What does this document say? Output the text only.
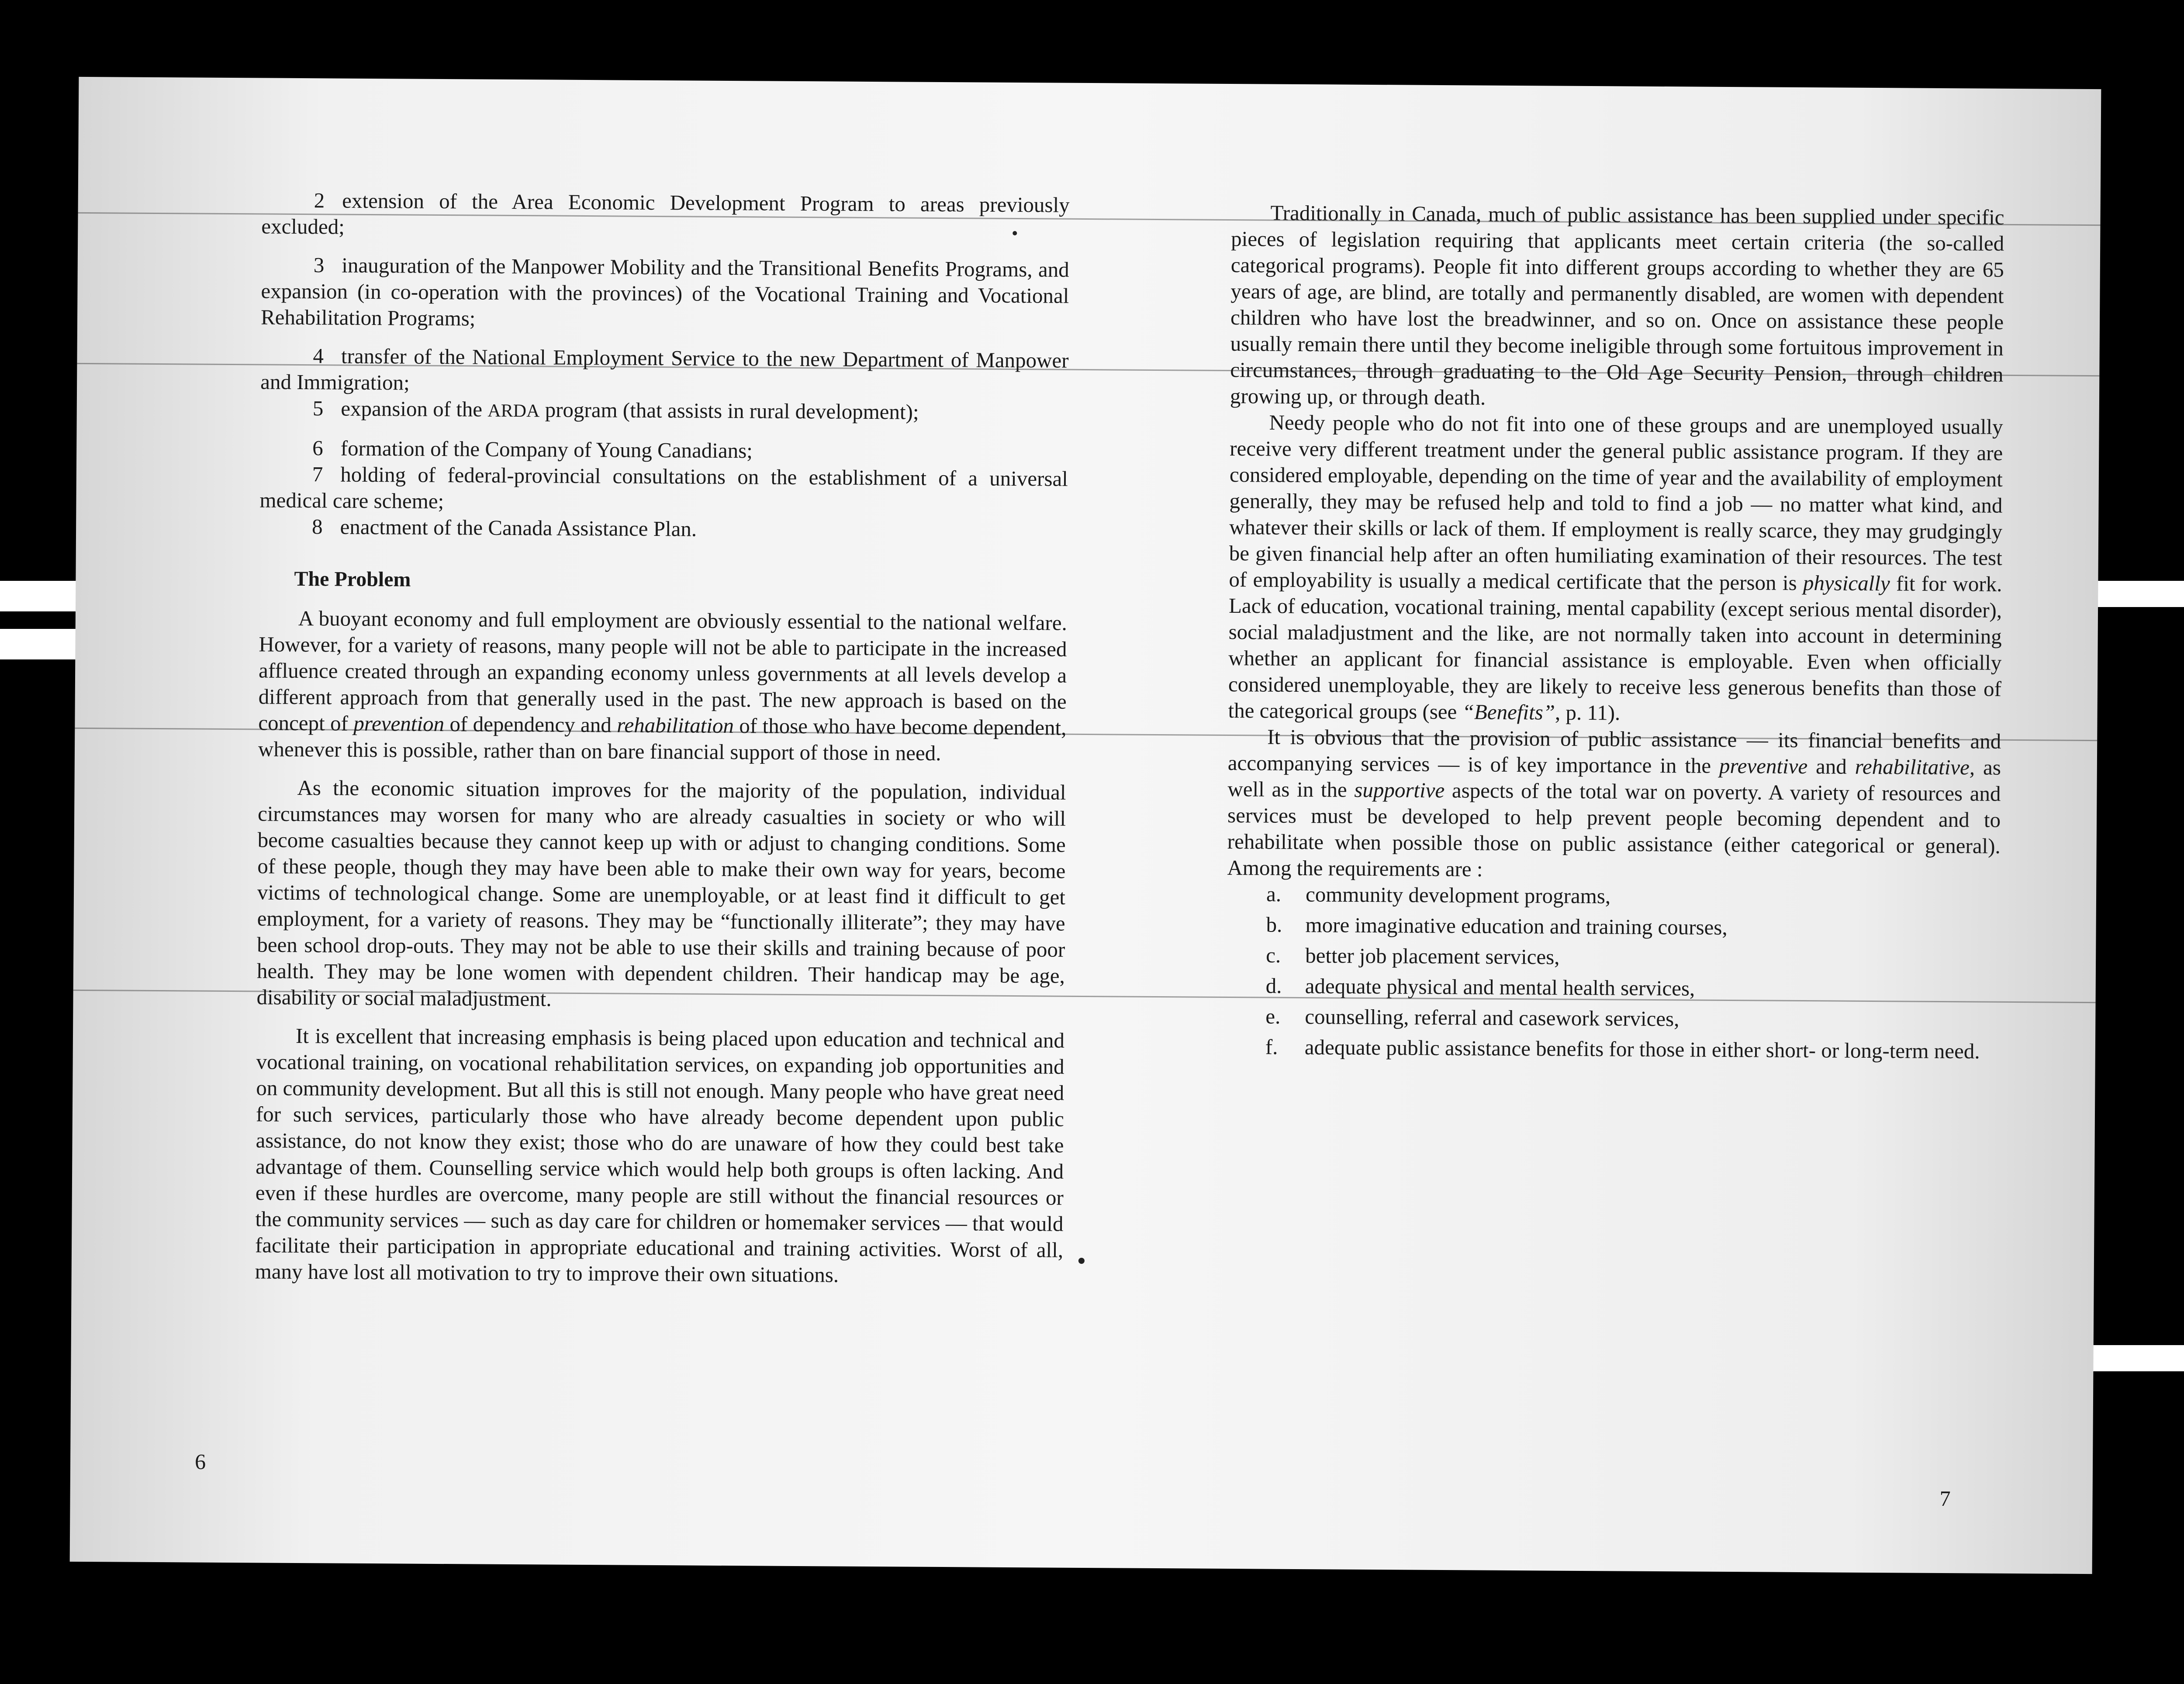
2 extension of the Area Economic Development Program to areas previously excluded;

3 inauguration of the Manpower Mobility and the Transitional Benefits Programs, and expansion (in co-operation with the provinces) of the Vocational Training and Vocational Rehabilitation Programs;

4 transfer of the National Employment Service to the new Department of Manpower and Immigration;

5 expansion of the ARDA program (that assists in rural development);

6 formation of the Company of Young Canadians;

7 holding of federal-provincial consultations on the establishment of a universal medical care scheme;

8 enactment of the Canada Assistance Plan.

The Problem

A buoyant economy and full employment are obviously essential to the national welfare. However, for a variety of reasons, many people will not be able to participate in the increased affluence created through an expanding economy unless governments at all levels develop a different approach from that generally used in the past. The new approach is based on the concept of prevention of dependency and rehabilitation of those who have become dependent, whenever this is possible, rather than on bare financial support of those in need.

As the economic situation improves for the majority of the population, individual circumstances may worsen for many who are already casualties in society or who will become casualties because they cannot keep up with or adjust to changing conditions. Some of these people, though they may have been able to make their own way for years, become victims of technological change. Some are unemployable, or at least find it difficult to get employment, for a variety of reasons. They may be “functionally illiterate”; they may have been school drop-outs. They may not be able to use their skills and training because of poor health. They may be lone women with dependent children. Their handicap may be age, disability or social maladjustment.

It is excellent that increasing emphasis is being placed upon education and technical and vocational training, on vocational rehabilitation services, on expanding job opportunities and on community development. But all this is still not enough. Many people who have great need for such services, particularly those who have already become dependent upon public assistance, do not know they exist; those who do are unaware of how they could best take advantage of them. Counselling service which would help both groups is often lacking. And even if these hurdles are overcome, many people are still without the financial resources or the community services — such as day care for children or homemaker services — that would facilitate their participation in appropriate educational and training activities. Worst of all, many have lost all motivation to try to improve their own situations.

6

Traditionally in Canada, much of public assistance has been supplied under specific pieces of legislation requiring that applicants meet certain criteria (the so-called categorical programs). People fit into different groups according to whether they are 65 years of age, are blind, are totally and permanently disabled, are women with dependent children who have lost the breadwinner, and so on. Once on assistance these people usually remain there until they become ineligible through some fortuitous improvement in circumstances, through graduating to the Old Age Security Pension, through children growing up, or through death.

Needy people who do not fit into one of these groups and are unemployed usually receive very different treatment under the general public assistance program. If they are considered employable, depending on the time of year and the availability of employment generally, they may be refused help and told to find a job — no matter what kind, and whatever their skills or lack of them. If employment is really scarce, they may grudgingly be given financial help after an often humiliating examination of their resources. The test of employability is usually a medical certificate that the person is physically fit for work. Lack of education, vocational training, mental capability (except serious mental disorder), social maladjustment and the like, are not normally taken into account in determining whether an applicant for financial assistance is employable. Even when officially considered unemployable, they are likely to receive less generous benefits than those of the categorical groups (see “Benefits”, p. 11).

It is obvious that the provision of public assistance — its financial benefits and accompanying services — is of key importance in the preventive and rehabilitative, as well as in the supportive aspects of the total war on poverty. A variety of resources and services must be developed to help prevent people becoming dependent and to rehabilitate when possible those on public assistance (either categorical or general). Among the requirements are :

a. community development programs,

b. more imaginative education and training courses,

c. better job placement services,

d. adequate physical and mental health services,

e. counselling, referral and casework services,

f. adequate public assistance benefits for those in either short- or long-term need.

7
